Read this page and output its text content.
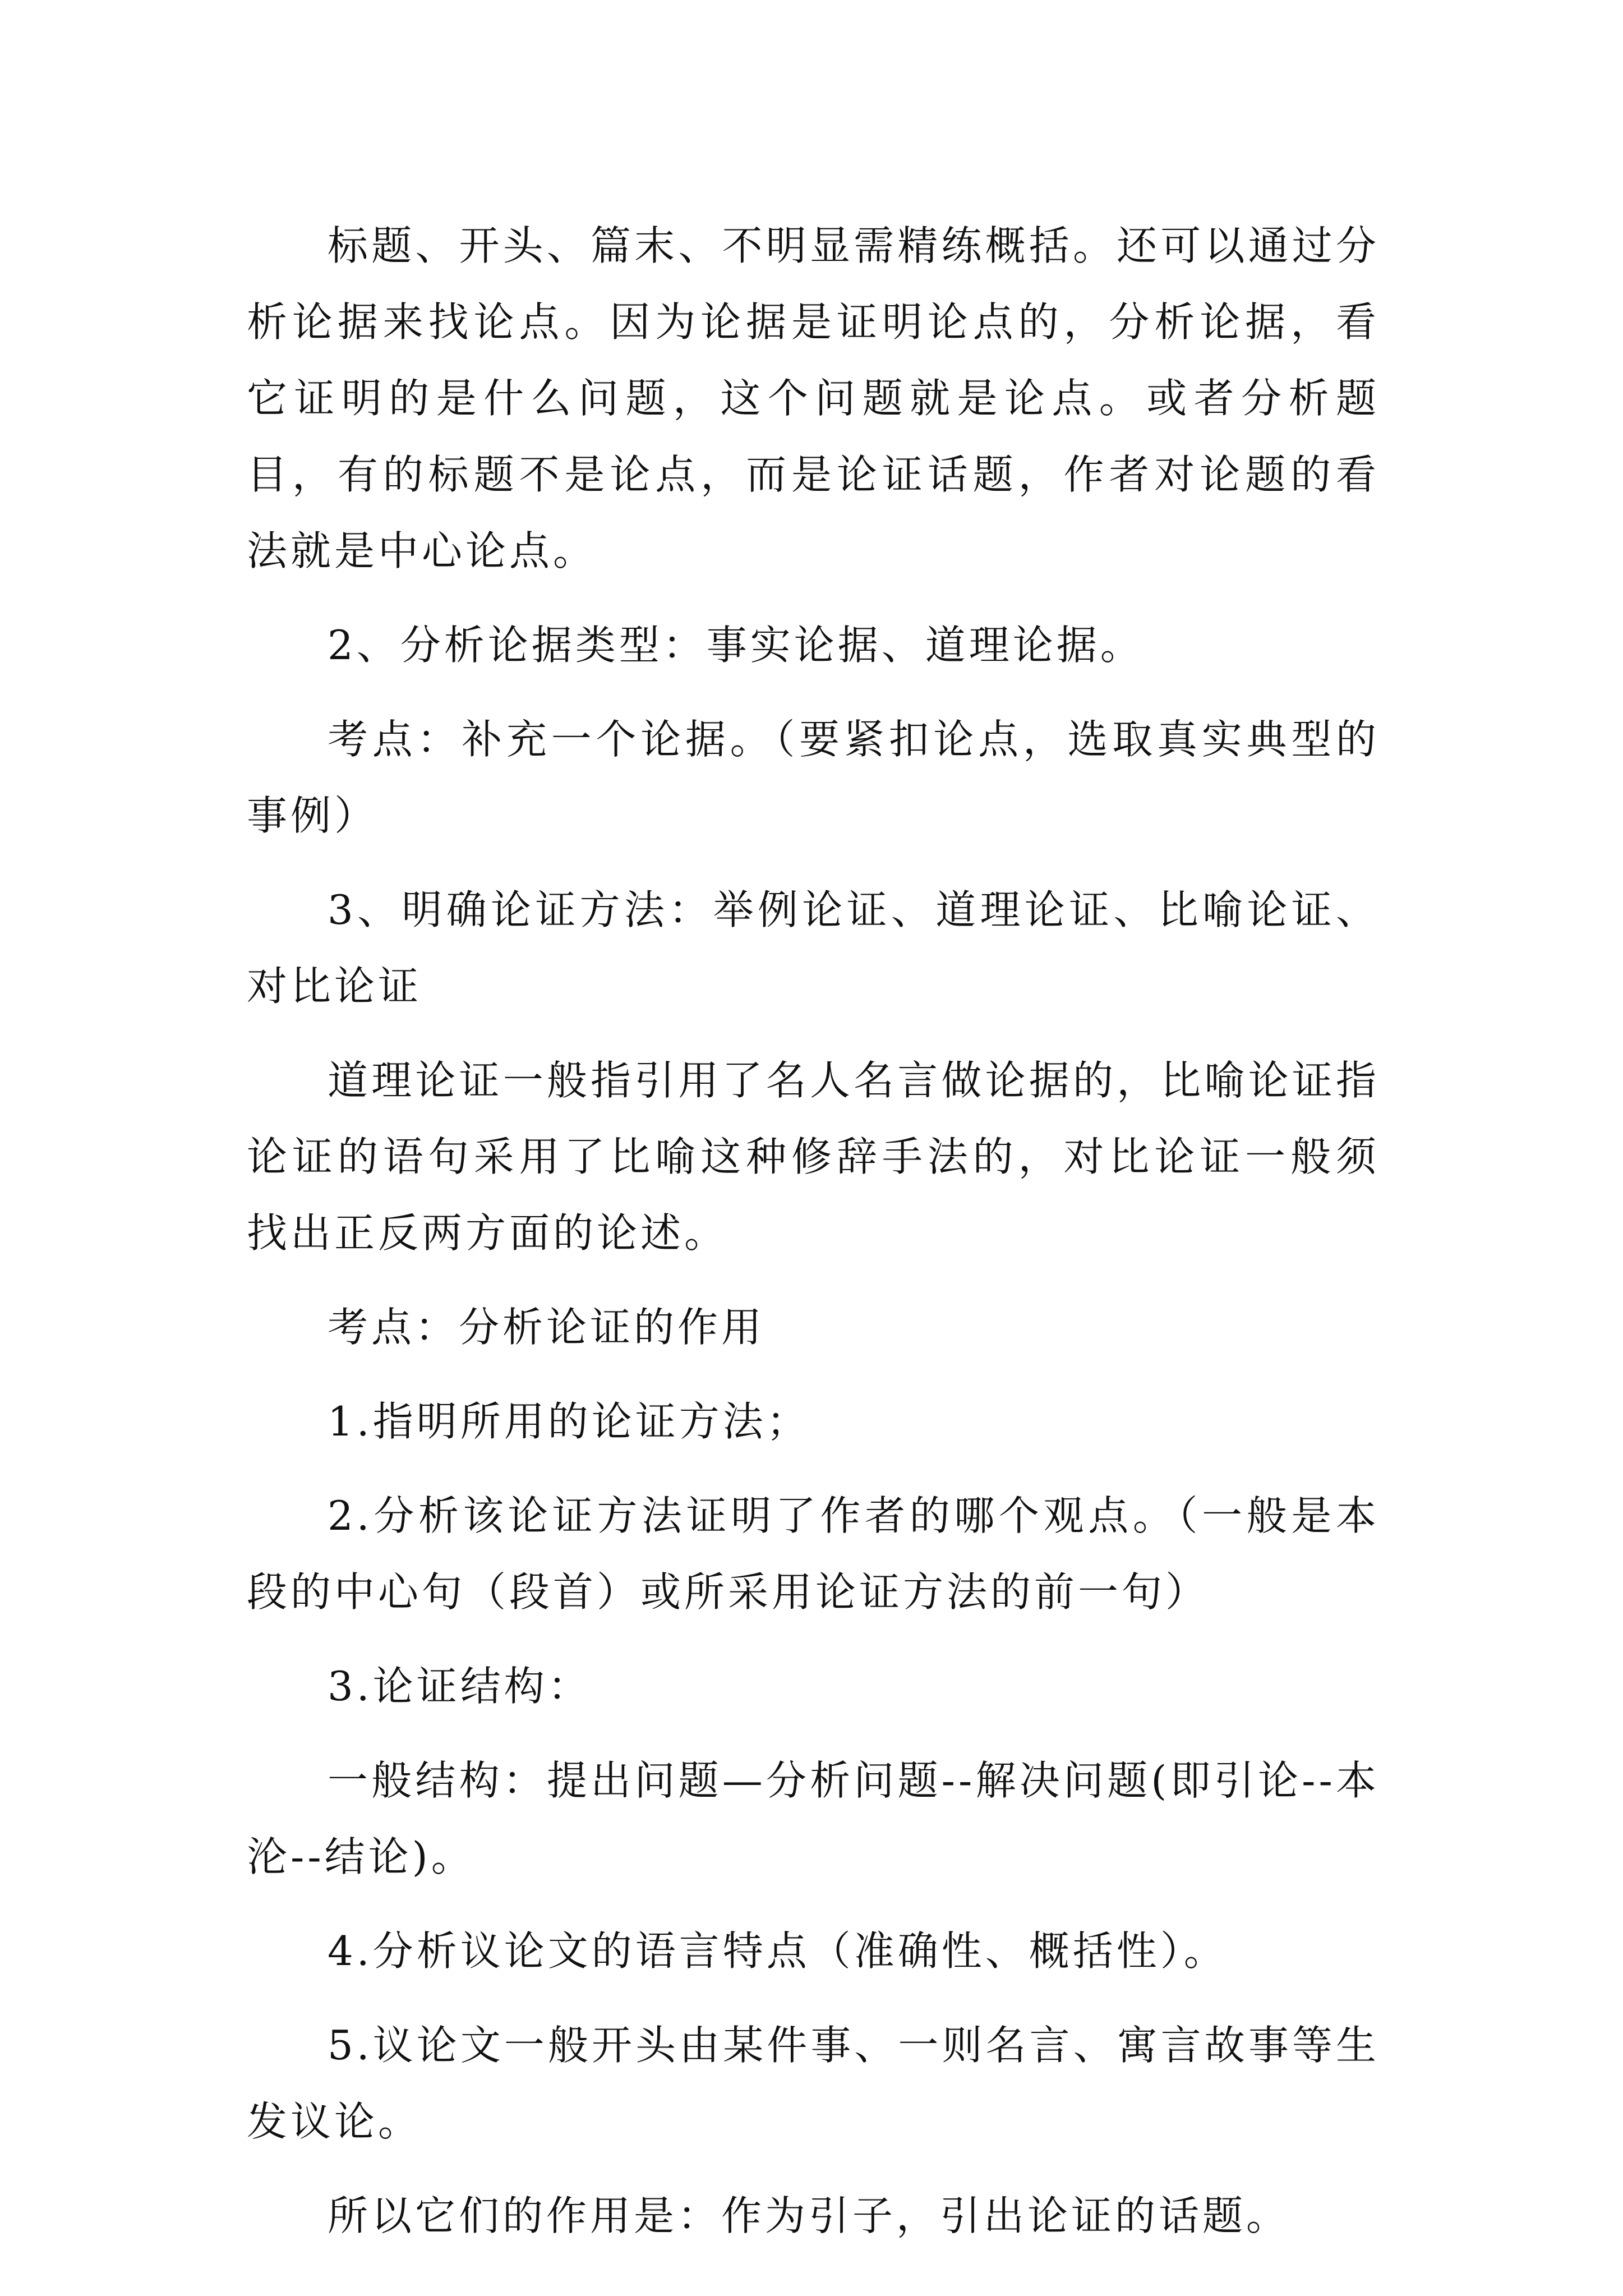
标题、开头、篇末、不明显需精练概括。还可以通过分析论据来找论点。因为论据是证明论点的，分析论据，看它证明的是什么问题，这个问题就是论点。或者分析题目，有的标题不是论点，而是论证话题，作者对论题的看法就是中心论点。

2、分析论据类型：事实论据、道理论据。

考点：补充一个论据。（要紧扣论点，选取真实典型的事例）

3、明确论证方法：举例论证、道理论证、比喻论证、对比论证

道理论证一般指引用了名人名言做论据的，比喻论证指论证的语句采用了比喻这种修辞手法的，对比论证一般须找出正反两方面的论述。

考点：分析论证的作用

1.指明所用的论证方法；

2.分析该论证方法证明了作者的哪个观点。（一般是本段的中心句（段首）或所采用论证方法的前一句）

3.论证结构：

一般结构：提出问题—分析问题--解决问题(即引论--本沦--结论)。

4.分析议论文的语言特点（准确性、概括性）。

5.议论文一般开头由某件事、一则名言、寓言故事等生发议论。

所以它们的作用是：作为引子，引出论证的话题。
